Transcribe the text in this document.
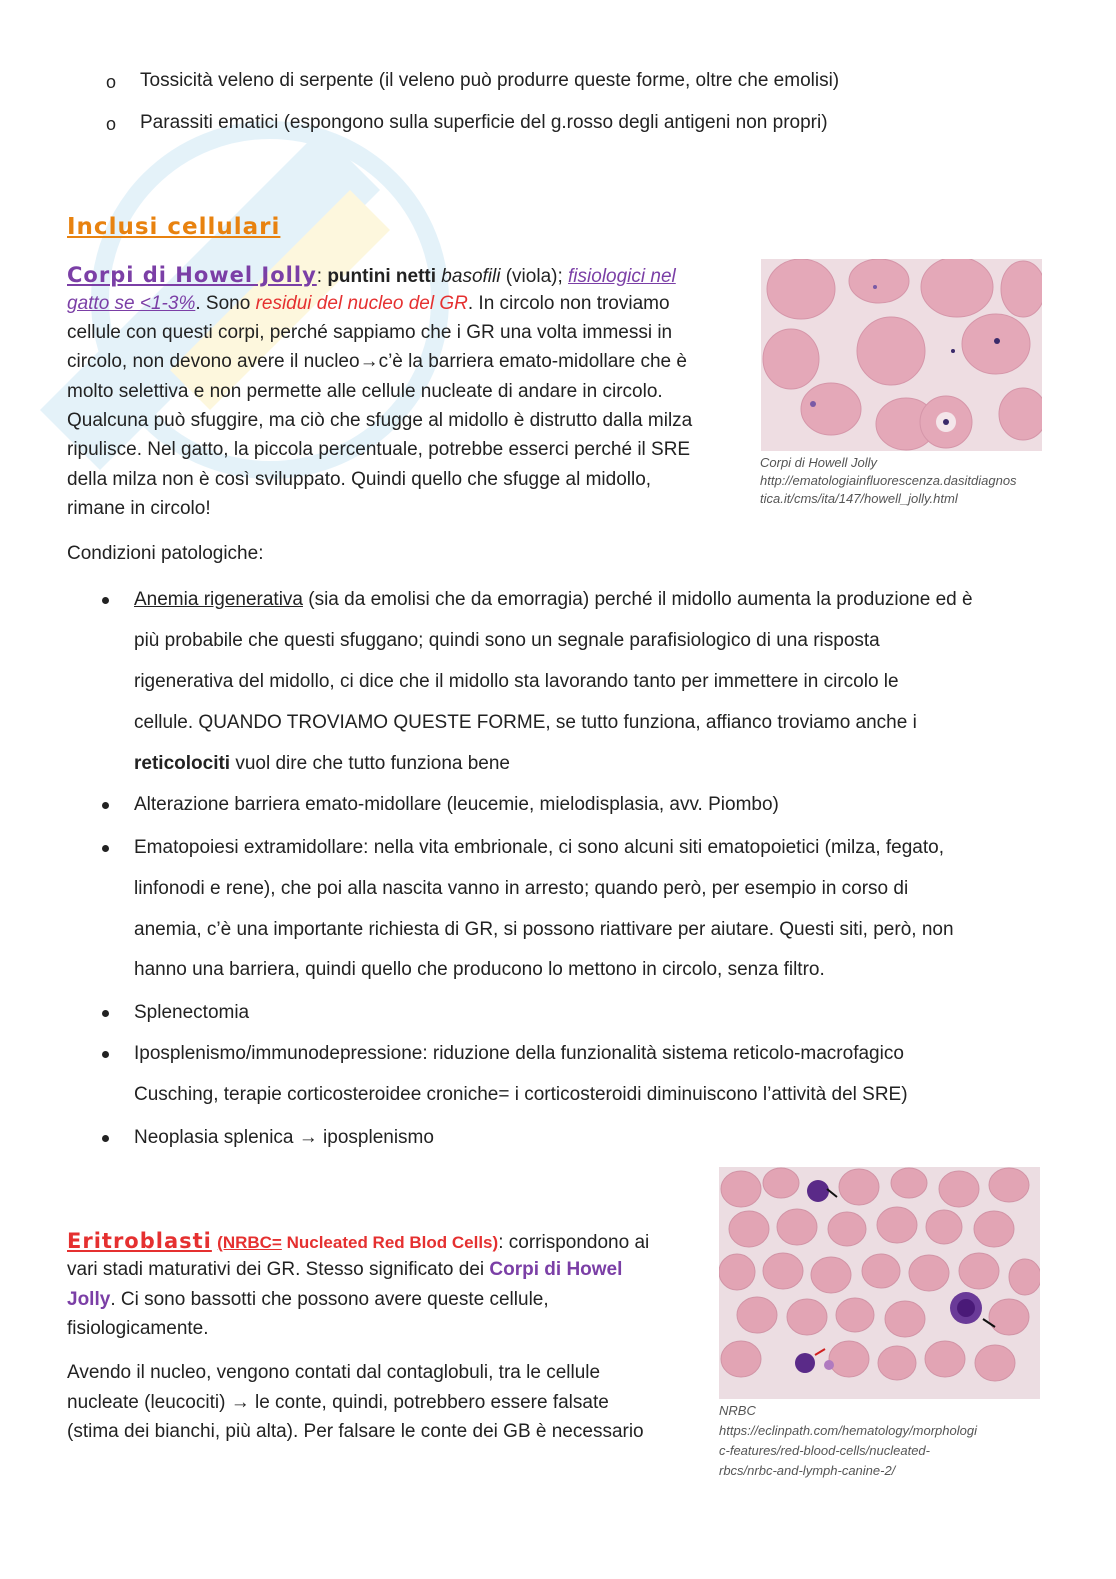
o Tossicità veleno di serpente (il veleno può produrre queste forme, oltre che emolisi)
o Parassiti ematici (espongono sulla superficie del g.rosso degli antigeni non propri)
Inclusi cellulari
Corpi di Howel Jolly: puntini netti basofili (viola); fisiologici nel
gatto se <1-3%. Sono residui del nucleo del GR. In circolo non troviamo
cellule con questi corpi, perché sappiamo che i GR una volta immessi in
circolo, non devono avere il nucleo→c’è la barriera emato-midollare che è
molto selettiva e non permette alle cellule nucleate di andare in circolo.
Qualcuna può sfuggire, ma ciò che sfugge al midollo è distrutto dalla milza
ripulisce. Nel gatto, la piccola percentuale, potrebbe esserci perché il SRE
della milza non è così sviluppato. Quindi quello che sfugge al midollo,
rimane in circolo!
Corpi di Howell Jolly
http://ematologiainfluorescenza.dasitdiagnos
tica.it/cms/ita/147/howell_jolly.html
Condizioni patologiche:
Anemia rigenerativa (sia da emolisi che da emorragia) perché il midollo aumenta la produzione ed è
più probabile che questi sfuggano; quindi sono un segnale parafisiologico di una risposta
rigenerativa del midollo, ci dice che il midollo sta lavorando tanto per immettere in circolo le
cellule. QUANDO TROVIAMO QUESTE FORME, se tutto funziona, affianco troviamo anche i
reticolociti vuol dire che tutto funziona bene
Alterazione barriera emato-midollare (leucemie, mielodisplasia, avv. Piombo)
Ematopoiesi extramidollare: nella vita embrionale, ci sono alcuni siti ematopoietici (milza, fegato,
linfonodi e rene), che poi alla nascita vanno in arresto; quando però, per esempio in corso di
anemia, c’è una importante richiesta di GR, si possono riattivare per aiutare. Questi siti, però, non
hanno una barriera, quindi quello che producono lo mettono in circolo, senza filtro.
Splenectomia
Iposplenismo/immunodepressione: riduzione della funzionalità sistema reticolo-macrofagico
Cusching, terapie corticosteroidee croniche= i corticosteroidi diminuiscono l’attività del SRE)
Neoplasia splenica → iposplenismo
Eritroblasti (NRBC= Nucleated Red Blod Cells): corrispondono ai
vari stadi maturativi dei GR. Stesso significato dei Corpi di Howel
Jolly. Ci sono bassotti che possono avere queste cellule,
fisiologicamente.
Avendo il nucleo, vengono contati dal contaglobuli, tra le cellule
nucleate (leucociti) → le conte, quindi, potrebbero essere falsate
(stima dei bianchi, più alta). Per falsare le conte dei GB è necessario
NRBC
https://eclinpath.com/hematology/morphologi
c-features/red-blood-cells/nucleated-
rbcs/nrbc-and-lymph-canine-2/
